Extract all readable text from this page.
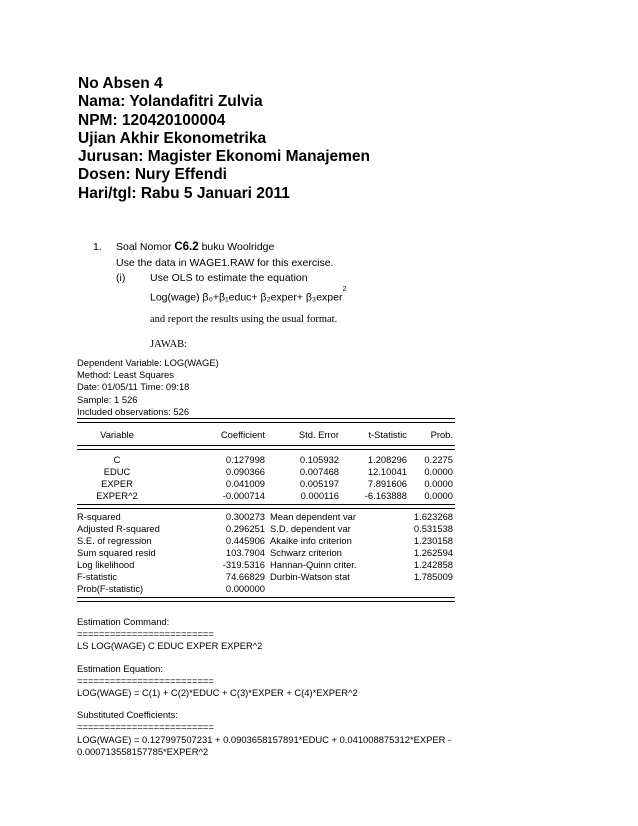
No Absen 4
Nama: Yolandafitri Zulvia
NPM: 120420100004
Ujian Akhir Ekonometrika
Jurusan: Magister Ekonomi Manajemen
Dosen: Nury Effendi
Hari/tgl: Rabu 5 Januari 2011
1. Soal Nomor C6.2 buku Woolridge
Use the data in WAGE1.RAW for this exercise.
(i) Use OLS to estimate the equation
Log(wage) β₀+β₁educ+ β₂exper+ β₃exper$^2$
and report the results using the usual format.
JAWAB:
Dependent Variable: LOG(WAGE)
Method: Least Squares
Date: 01/05/11 Time: 09:18
Sample: 1 526
Included observations: 526
Variable	Coefficient	Std. Error	t-Statistic	Prob.
C	0.127998	0.105932	1.208296	0.2275
EDUC	0.090366	0.007468	12.10041	0.0000
EXPER	0.041009	0.005197	7.891606	0.0000
EXPER^2	-0.000714	0.000116	-6.163888	0.0000
R-squared	0.300273 Mean dependent var	1.623268
Adjusted R-squared	0.296251 S.D. dependent var	0.531538
S.E. of regression	0.445906 Akaike info criterion	1.230158
Sum squared resid	103.7904 Schwarz criterion	1.262594
Log likelihood	-319.5316 Hannan-Quinn criter.	1.242858
F-statistic	74.66829 Durbin-Watson stat	1.785009
Prob(F-statistic)	0.000000
Estimation Command:
=========================
LS LOG(WAGE) C EDUC EXPER EXPER^2
Estimation Equation:
=========================
LOG(WAGE) = C(1) + C(2)*EDUC + C(3)*EXPER + C(4)*EXPER^2
Substituted Coefficients:
=========================
LOG(WAGE) = 0.127997507231 + 0.0903658157891*EDUC + 0.041008875312*EXPER -
0.000713558157785*EXPER^2
